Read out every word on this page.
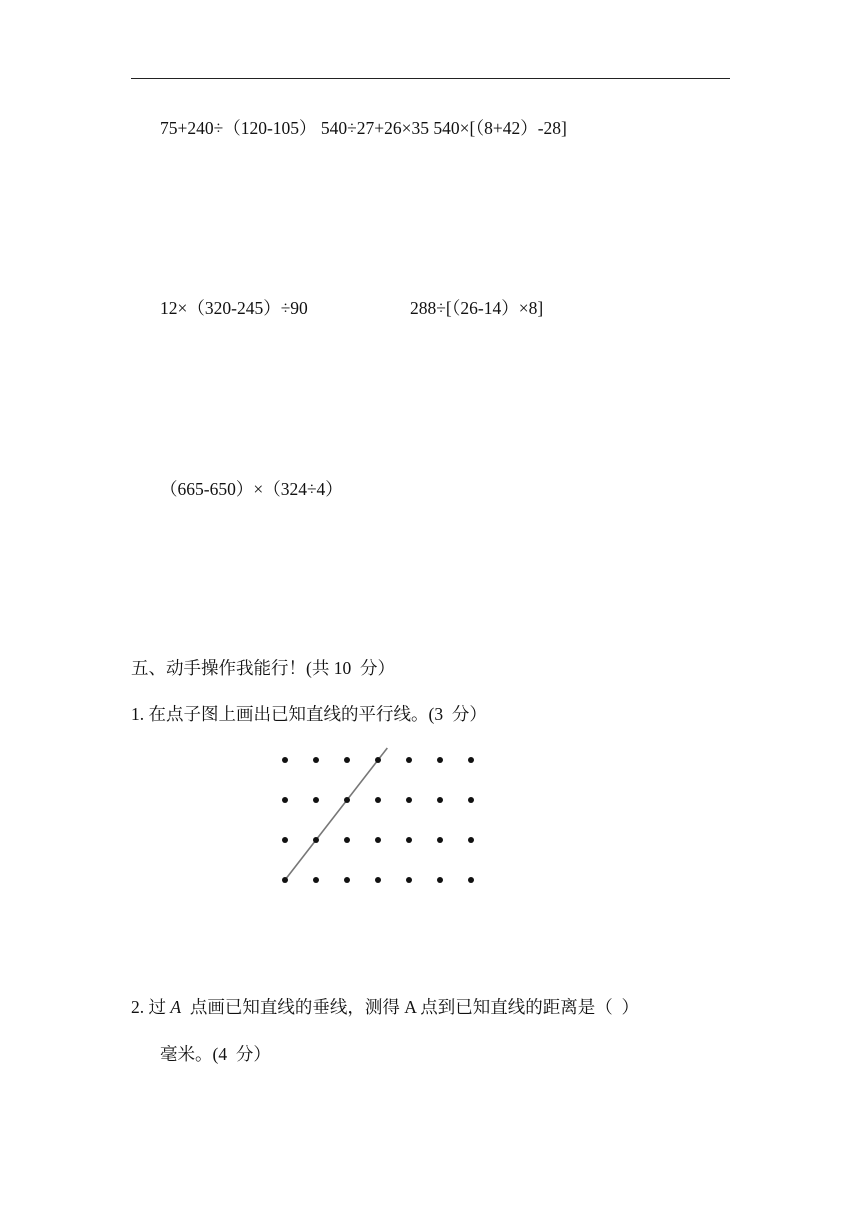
75+240÷（120-105） 540÷27+26×35 540×[（8+42）-28]
12×（320-245）÷90	288÷[（26-14）×8]
（665-650）×（324÷4）
五、动手操作我能行！(共 10  分）
1. 在点子图上画出已知直线的平行线。(3  分）
2. 过 A  点画已知直线的垂线，测得 A 点到已知直线的距离是（  ）
毫米。(4  分）
